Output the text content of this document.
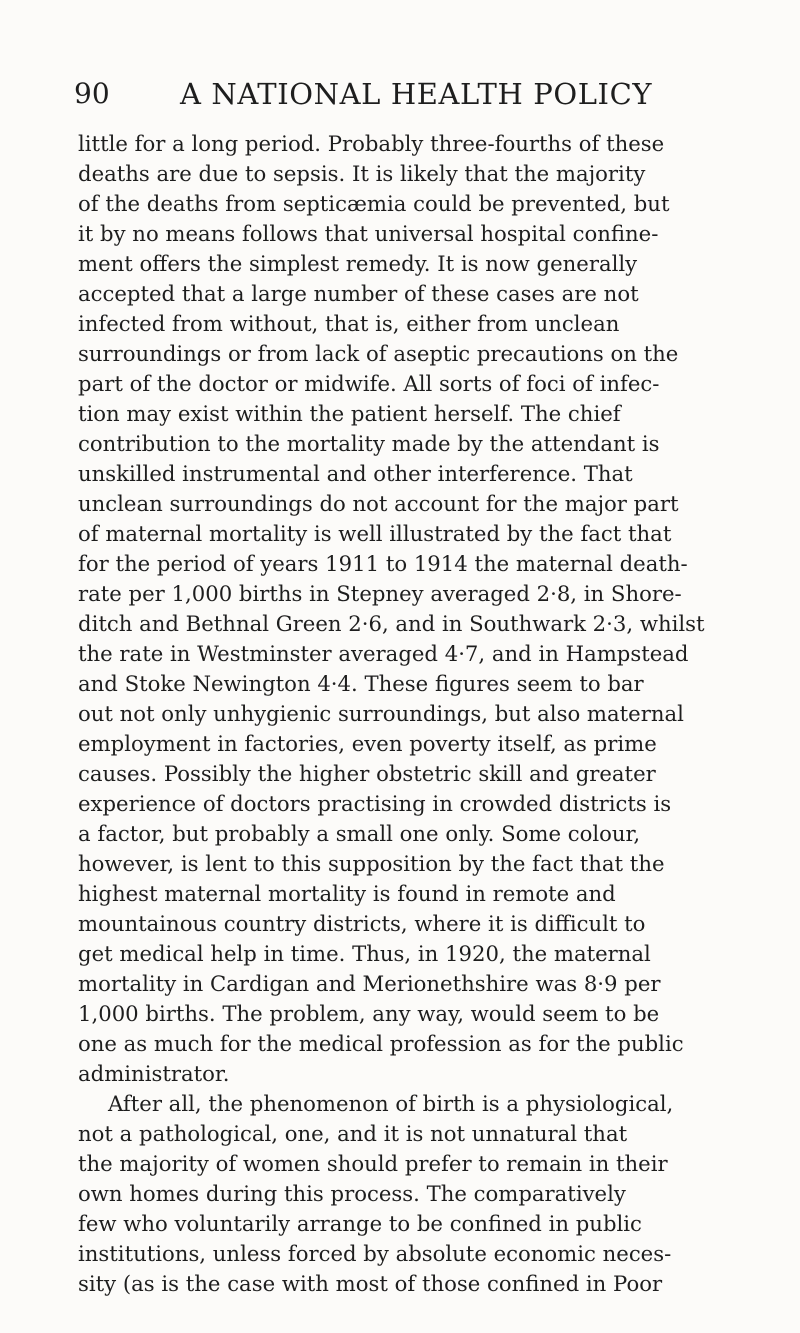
90 A NATIONAL HEALTH POLICY
little for a long period. Probably three-fourths of these
deaths are due to sepsis. It is likely that the majority
of the deaths from septicæmia could be prevented, but
it by no means follows that universal hospital confine-
ment offers the simplest remedy. It is now generally
accepted that a large number of these cases are not
infected from without, that is, either from unclean
surroundings or from lack of aseptic precautions on the
part of the doctor or midwife. All sorts of foci of infec-
tion may exist within the patient herself. The chief
contribution to the mortality made by the attendant is
unskilled instrumental and other interference. That
unclean surroundings do not account for the major part
of maternal mortality is well illustrated by the fact that
for the period of years 1911 to 1914 the maternal death-
rate per 1,000 births in Stepney averaged 2·8, in Shore-
ditch and Bethnal Green 2·6, and in Southwark 2·3, whilst
the rate in Westminster averaged 4·7, and in Hampstead
and Stoke Newington 4·4. These figures seem to bar
out not only unhygienic surroundings, but also maternal
employment in factories, even poverty itself, as prime
causes. Possibly the higher obstetric skill and greater
experience of doctors practising in crowded districts is
a factor, but probably a small one only. Some colour,
however, is lent to this supposition by the fact that the
highest maternal mortality is found in remote and
mountainous country districts, where it is difficult to
get medical help in time. Thus, in 1920, the maternal
mortality in Cardigan and Merionethshire was 8·9 per
1,000 births. The problem, any way, would seem to be
one as much for the medical profession as for the public
administrator.
After all, the phenomenon of birth is a physiological,
not a pathological, one, and it is not unnatural that
the majority of women should prefer to remain in their
own homes during this process. The comparatively
few who voluntarily arrange to be confined in public
institutions, unless forced by absolute economic neces-
sity (as is the case with most of those confined in Poor
